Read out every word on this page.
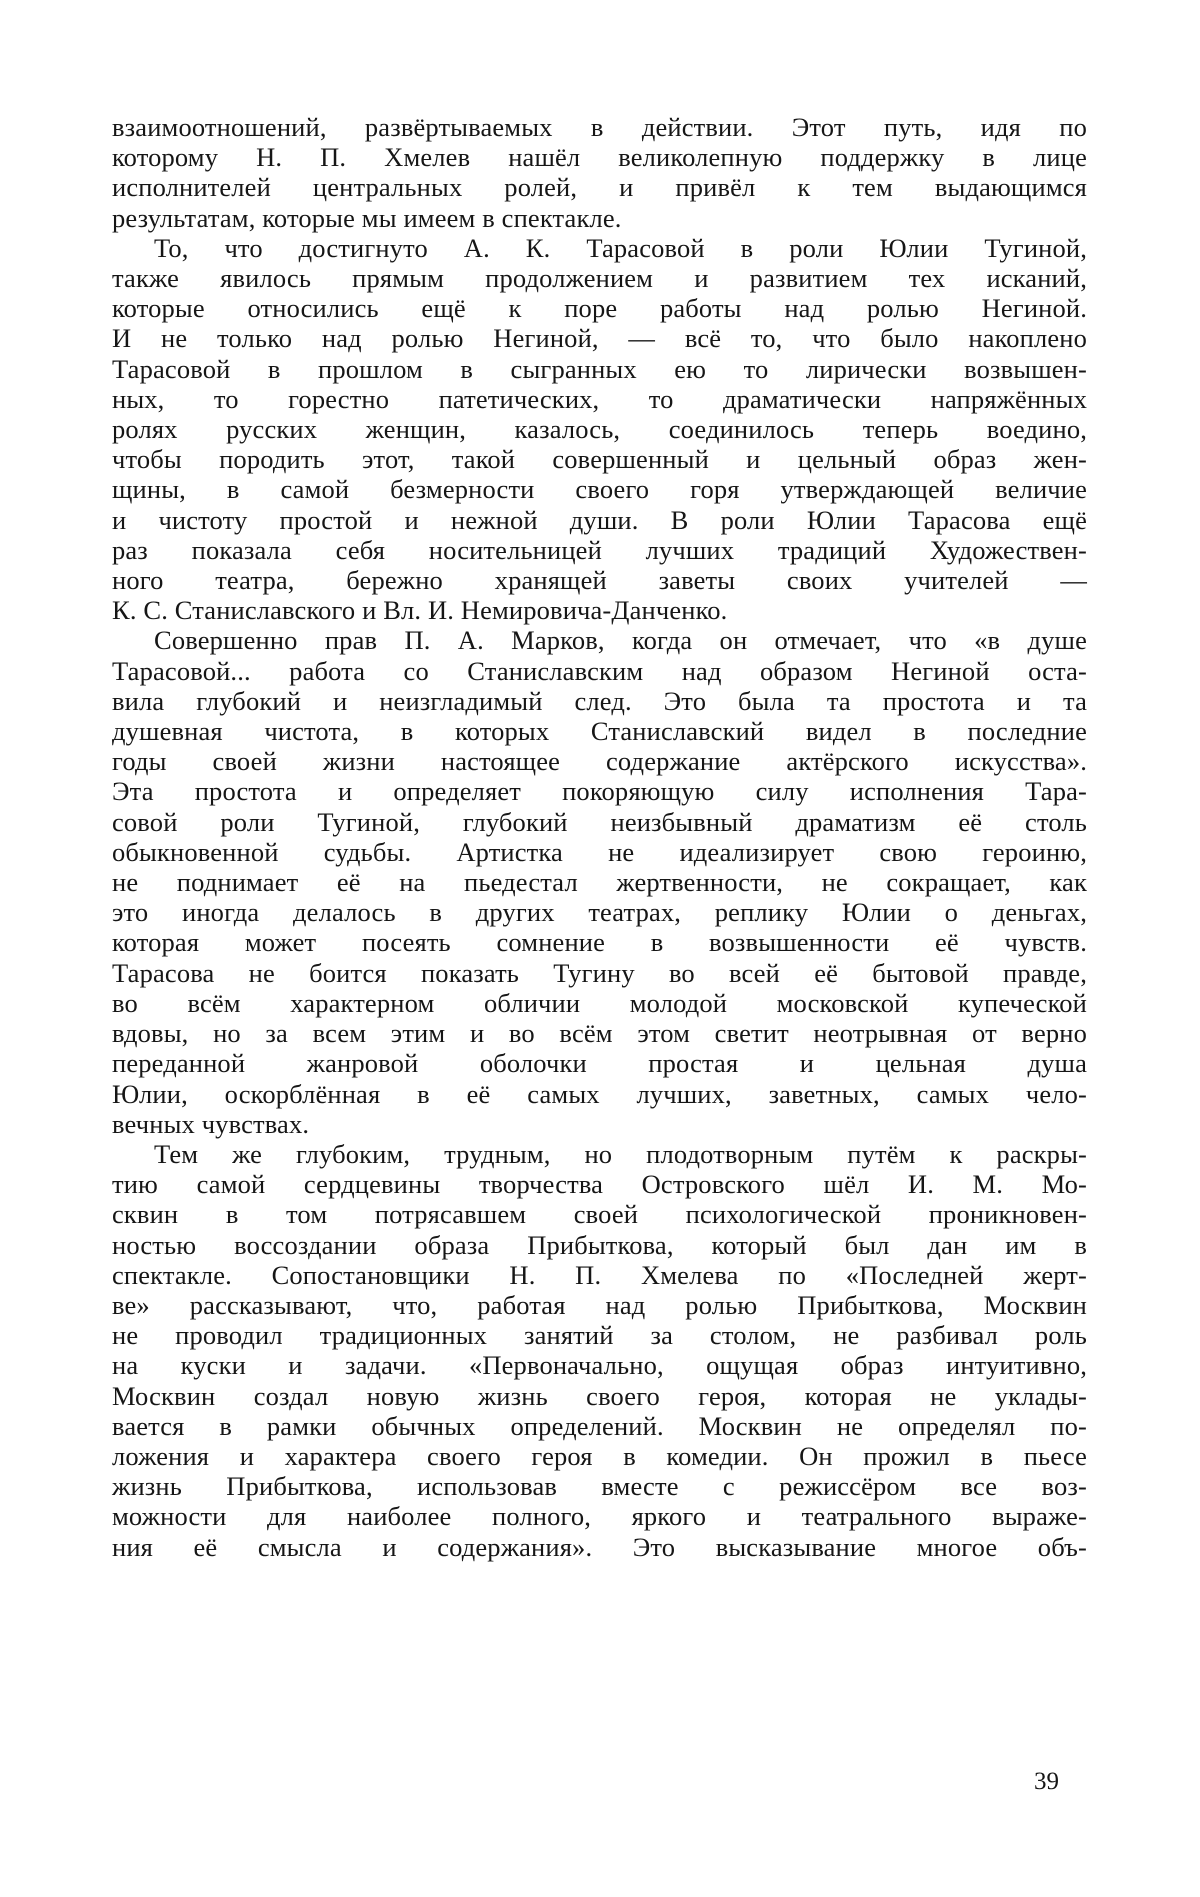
взаимоотношений, развёртываемых в действии. Этот путь, идя по
которому Н. П. Хмелев нашёл великолепную поддержку в лице
исполнителей центральных ролей, и привёл к тем выдающимся
результатам, которые мы имеем в спектакле.

То, что достигнуто А. К. Тарасовой в роли Юлии Тугиной,
также явилось прямым продолжением и развитием тех исканий,
которые относились ещё к поре работы над ролью Негиной.
И не только над ролью Негиной, — всё то, что было накоплено
Тарасовой в прошлом в сыгранных ею то лирически возвышен-
ных, то горестно патетических, то драматически напряжённых
ролях русских женщин, казалось, соединилось теперь воедино,
чтобы породить этот, такой совершенный и цельный образ жен-
щины, в самой безмерности своего горя утверждающей величие
и чистоту простой и нежной души. В роли Юлии Тарасова ещё
раз показала себя носительницей лучших традиций Художествен-
ного театра, бережно хранящей заветы своих учителей —
К. С. Станиславского и Вл. И. Немировича-Данченко.

Совершенно прав П. А. Марков, когда он отмечает, что «в душе
Тарасовой... работа со Станиславским над образом Негиной оста-
вила глубокий и неизгладимый след. Это была та простота и та
душевная чистота, в которых Станиславский видел в последние
годы своей жизни настоящее содержание актёрского искусства».
Эта простота и определяет покоряющую силу исполнения Тара-
совой роли Тугиной, глубокий неизбывный драматизм её столь
обыкновенной судьбы. Артистка не идеализирует свою героиню,
не поднимает её на пьедестал жертвенности, не сокращает, как
это иногда делалось в других театрах, реплику Юлии о деньгах,
которая может посеять сомнение в возвышенности её чувств.
Тарасова не боится показать Тугину во всей её бытовой правде,
во всём характерном обличии молодой московской купеческой
вдовы, но за всем этим и во всём этом светит неотрывная от верно
переданной жанровой оболочки простая и цельная душа
Юлии, оскорблённая в её самых лучших, заветных, самых чело-
вечных чувствах.

Тем же глубоким, трудным, но плодотворным путём к раскры-
тию самой сердцевины творчества Островского шёл И. М. Мо-
сквин в том потрясавшем своей психологической проникновен-
ностью воссоздании образа Прибыткова, который был дан им в
спектакле. Сопостановщики Н. П. Хмелева по «Последней жерт-
ве» рассказывают, что, работая над ролью Прибыткова, Москвин
не проводил традиционных занятий за столом, не разбивал роль
на куски и задачи. «Первоначально, ощущая образ интуитивно,
Москвин создал новую жизнь своего героя, которая не уклады-
вается в рамки обычных определений. Москвин не определял по-
ложения и характера своего героя в комедии. Он прожил в пьесе
жизнь Прибыткова, использовав вместе с режиссёром все воз-
можности для наиболее полного, яркого и театрального выраже-
ния её смысла и содержания». Это высказывание многое объ-

39
